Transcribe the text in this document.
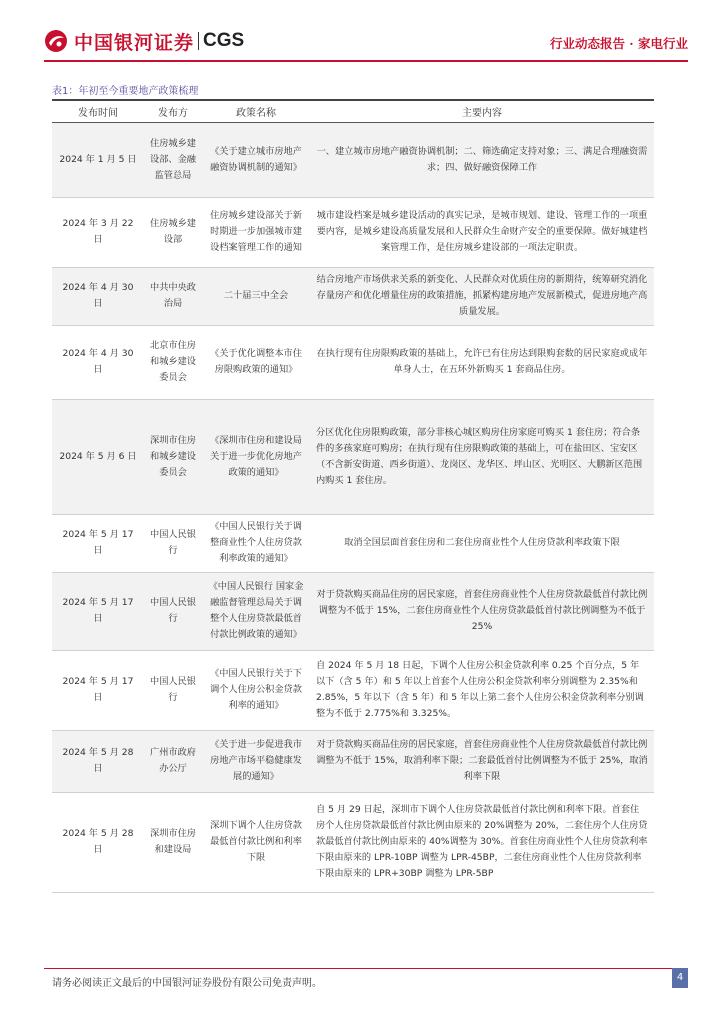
中国银河证券 CGS	行业动态报告 · 家电行业
表1：年初至今重要地产政策梳理
发布时间	发布方	政策名称	主要内容
2024 年 1 月 5 日	住房城乡建设部、金融监管总局	《关于建立城市房地产融资协调机制的通知》	一、建立城市房地产融资协调机制；二、筛选确定支持对象；三、满足合理融资需求；四、做好融资保障工作
2024 年 3 月 22 日	住房城乡建设部	住房城乡建设部关于新时期进一步加强城市建设档案管理工作的通知	城市建设档案是城乡建设活动的真实记录，是城市规划、建设、管理工作的一项重要内容，是城乡建设高质量发展和人民群众生命财产安全的重要保障。做好城建档案管理工作，是住房城乡建设部的一项法定职责。
2024 年 4 月 30 日	中共中央政治局	二十届三中全会	结合房地产市场供求关系的新变化、人民群众对优质住房的新期待，统筹研究消化存量房产和优化增量住房的政策措施，抓紧构建房地产发展新模式，促进房地产高质量发展。
2024 年 4 月 30 日	北京市住房和城乡建设委员会	《关于优化调整本市住房限购政策的通知》	在执行现有住房限购政策的基础上，允许已有住房达到限购套数的居民家庭或成年单身人士，在五环外新购买 1 套商品住房。
2024 年 5 月 6 日	深圳市住房和城乡建设委员会	《深圳市住房和建设局关于进一步优化房地产政策的通知》	分区优化住房限购政策，部分非核心城区购房住房家庭可购买 1 套住房；符合条件的多孩家庭可购房；在执行现有住房限购政策的基础上，可在盐田区、宝安区（不含新安街道、西乡街道）、龙岗区、龙华区、坪山区、光明区、大鹏新区范围内购买 1 套住房。
2024 年 5 月 17 日	中国人民银行	《中国人民银行关于调整商业性个人住房贷款利率政策的通知》	取消全国层面首套住房和二套住房商业性个人住房贷款利率政策下限
2024 年 5 月 17 日	中国人民银行	《中国人民银行 国家金融监督管理总局关于调整个人住房贷款最低首付款比例政策的通知》	对于贷款购买商品住房的居民家庭，首套住房商业性个人住房贷款最低首付款比例调整为不低于 15%，二套住房商业性个人住房贷款最低首付款比例调整为不低于 25%
2024 年 5 月 17 日	中国人民银行	《中国人民银行关于下调个人住房公积金贷款利率的通知》	自 2024 年 5 月 18 日起，下调个人住房公积金贷款利率 0.25 个百分点，5 年以下（含 5 年）和 5 年以上首套个人住房公积金贷款利率分别调整为 2.35%和 2.85%，5 年以下（含 5 年）和 5 年以上第二套个人住房公积金贷款利率分别调整为不低于 2.775%和 3.325%。
2024 年 5 月 28 日	广州市政府办公厅	《关于进一步促进我市房地产市场平稳健康发展的通知》	对于贷款购买商品住房的居民家庭，首套住房商业性个人住房贷款最低首付款比例调整为不低于 15%，取消利率下限；二套最低首付比例调整为不低于 25%，取消利率下限
2024 年 5 月 28 日	深圳市住房和建设局	深圳下调个人住房贷款最低首付款比例和利率下限	自 5 月 29 日起，深圳市下调个人住房贷款最低首付款比例和利率下限。首套住房个人住房贷款最低首付款比例由原来的 20%调整为 20%，二套住房个人住房贷款最低首付款比例由原来的 40%调整为 30%。首套住房商业性个人住房贷款利率下限由原来的 LPR-10BP 调整为 LPR-45BP，二套住房商业性个人住房贷款利率下限由原来的 LPR+30BP 调整为 LPR-5BP
请务必阅读正文最后的中国银河证券股份有限公司免责声明。
4
